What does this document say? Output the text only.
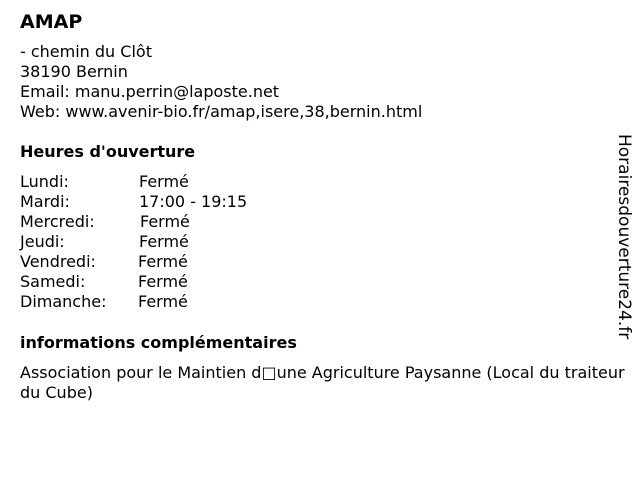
AMAP
- chemin du Clôt
38190 Bernin
Email: manu.perrin@laposte.net
Web: www.avenir-bio.fr/amap,isere,38,bernin.html
Heures d'ouverture
Lundi:	Fermé
Mardi:	17:00 - 19:15
Mercredi:	Fermé
Jeudi:	Fermé
Vendredi:	Fermé
Samedi:	Fermé
Dimanche:	Fermé
informations complémentaires
Association pour le Maintien d□une Agriculture Paysanne (Local du traiteur du Cube)
Horairesdouverture24.fr
